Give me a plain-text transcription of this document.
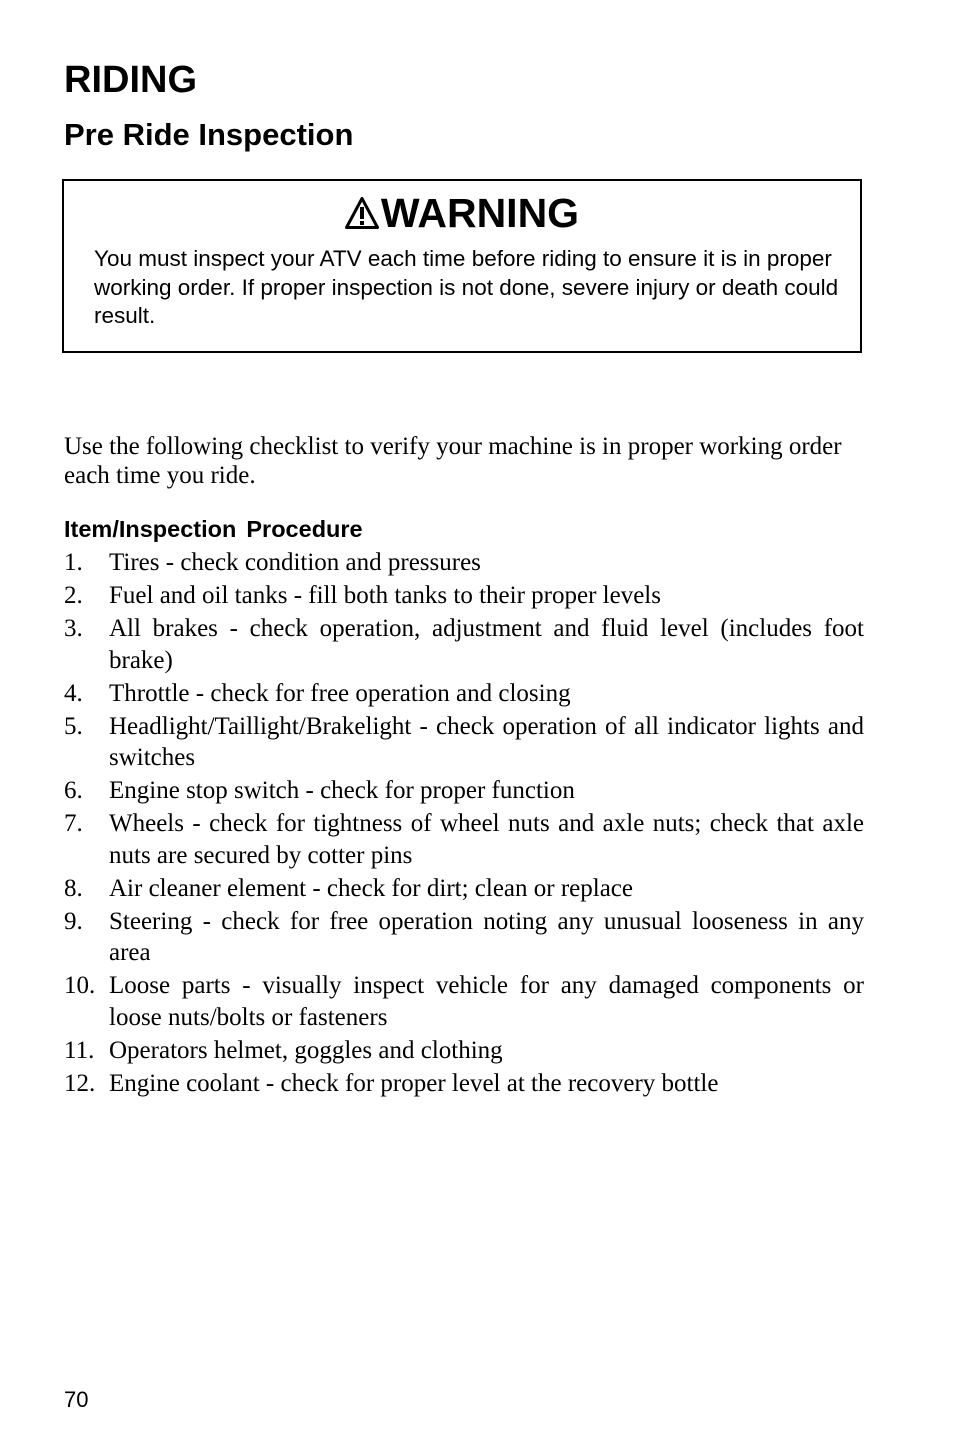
RIDING
Pre Ride Inspection
WARNING

You must inspect your ATV each time before riding to ensure it is in proper working order. If proper inspection is not done, severe injury or death could result.

Use the following checklist to verify your machine is in proper working order each time you ride.

Item/Inspection Procedure
1.	Tires - check condition and pressures
2.	Fuel and oil tanks - fill both tanks to their proper levels
3.	All brakes - check operation, adjustment and fluid level (includes foot brake)
4.	Throttle - check for free operation and closing
5.	Headlight/Taillight/Brakelight - check operation of all indicator lights and switches
6.	Engine stop switch - check for proper function
7.	Wheels - check for tightness of wheel nuts and axle nuts; check that axle nuts are secured by cotter pins
8.	Air cleaner element - check for dirt; clean or replace
9.	Steering - check for free operation noting any unusual looseness in any area
10. Loose parts - visually inspect vehicle for any damaged components or loose nuts/bolts or fasteners
11. Operators helmet, goggles and clothing
12. Engine coolant - check for proper level at the recovery bottle
70
